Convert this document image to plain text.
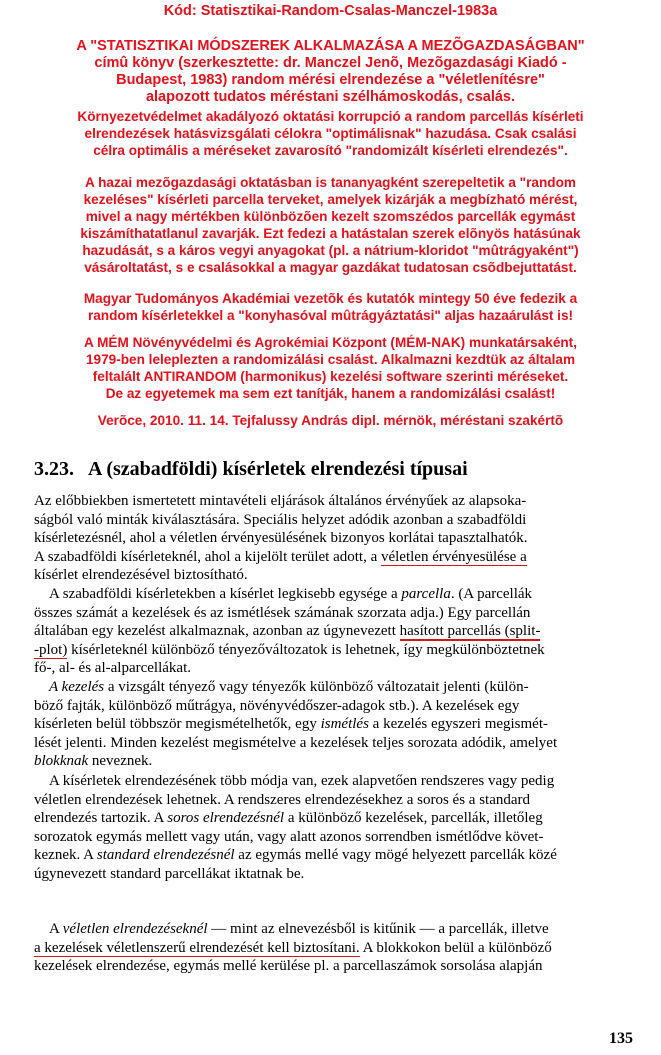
Kód: Statisztikai-Random-Csalas-Manczel-1983a

A "STATISZTIKAI MÓDSZEREK ALKALMAZÁSA A MEZÕGAZDASÁGBAN"

címû könyv (szerkesztette: dr. Manczel Jenõ, Mezõgazdasági Kiadó -

Budapest, 1983) random mérési elrendezése a "véletlenítésre"

alapozott tudatos méréstani szélhámoskodás, csalás.

Környezetvédelmet akadályozó oktatási korrupció a random parcellás kísérleti

elrendezések hatásvizsgálati célokra "optimálisnak" hazudása. Csak csalási

célra optimális a méréseket zavarosító "randomizált kísérleti elrendezés".

A hazai mezõgazdasági oktatásban is tananyagként szerepeltetik a "random

kezeléses" kísérleti parcella terveket, amelyek kizárják a megbízható mérést,

mivel a nagy mértékben különbözõen kezelt szomszédos parcellák egymást

kiszámíthatatlanul zavarják. Ezt fedezi a hatástalan szerek elõnyös hatásúnak

hazudását, s a káros vegyi anyagokat (pl. a nátrium-kloridot "mûtrágyaként")

vásároltatást, s e csalásokkal a magyar gazdákat tudatosan csõdbejuttatást.

Magyar Tudományos Akadémiai vezetõk és kutatók mintegy 50 éve fedezik a

random kísérletekkel a "konyhasóval mûtrágyáztatási" aljas hazaárulást is!

A MÉM Növényvédelmi és Agrokémiai Központ (MÉM-NAK) munkatársaként,

1979-ben leleplezten a randomizálási csalást. Alkalmazni kezdtük az általam

feltalált ANTIRANDOM (harmonikus) kezelési software szerinti méréseket.

De az egyetemek ma sem ezt tanítják, hanem a randomizálási csalást!

Verõce, 2010. 11. 14. Tejfalussy András dipl. mérnök, méréstani szakértõ

3.23. A (szabadföldi) kísérletek elrendezési típusai

Az előbbiekben ismertetett mintavételi eljárások általános érvényűek az alapsoka-
ságból való minták kiválasztására. Speciális helyzet adódik azonban a szabadföldi
kísérletezésnél, ahol a véletlen érvényesülésének bizonyos korlátai tapasztalhatók.
A szabadföldi kísérleteknél, ahol a kijelölt terület adott, a véletlen érvényesülése a
kísérlet elrendezésével biztosítható.

 A szabadföldi kísérletekben a kísérlet legkisebb egysége a parcella. (A parcellák
összes számát a kezelések és az ismétlések számának szorzata adja.) Egy parcellán
általában egy kezelést alkalmaznak, azonban az úgynevezett hasított parcellás (split-
-plot) kísérleteknél különböző tényezőváltozatok is lehetnek, így megkülönböztetnek
fő-, al- és al-alparcellákat.

 A kezelés a vizsgált tényező vagy tényezők különböző változatait jelenti (külön-
böző fajták, különböző műtrágya, növényvédőszer-adagok stb.). A kezelések egy
kísérleten belül többször megismételhetők, egy ismétlés a kezelés egyszeri megismét-
lését jelenti. Minden kezelést megismételve a kezelések teljes sorozata adódik, amelyet
blokknak neveznek.

 A kísérletek elrendezésének több módja van, ezek alapvetően rendszeres vagy pedig
véletlen elrendezések lehetnek. A rendszeres elrendezésekhez a soros és a standard
elrendezés tartozik. A soros elrendezésnél a különböző kezelések, parcellák, illetőleg
sorozatok egymás mellett vagy után, vagy alatt azonos sorrendben ismétlődve követ-
keznek. A standard elrendezésnél az egymás mellé vagy mögé helyezett parcellák közé
úgynevezett standard parcellákat iktatnak be.

 A véletlen elrendezéseknél — mint az elnevezésből is kitűnik — a parcellák, illetve
a kezelések véletlenszerű elrendezését kell biztosítani. A blokkokon belül a különböző
kezelések elrendezése, egymás mellé kerülése pl. a parcellaszámok sorsolása alapján

135
